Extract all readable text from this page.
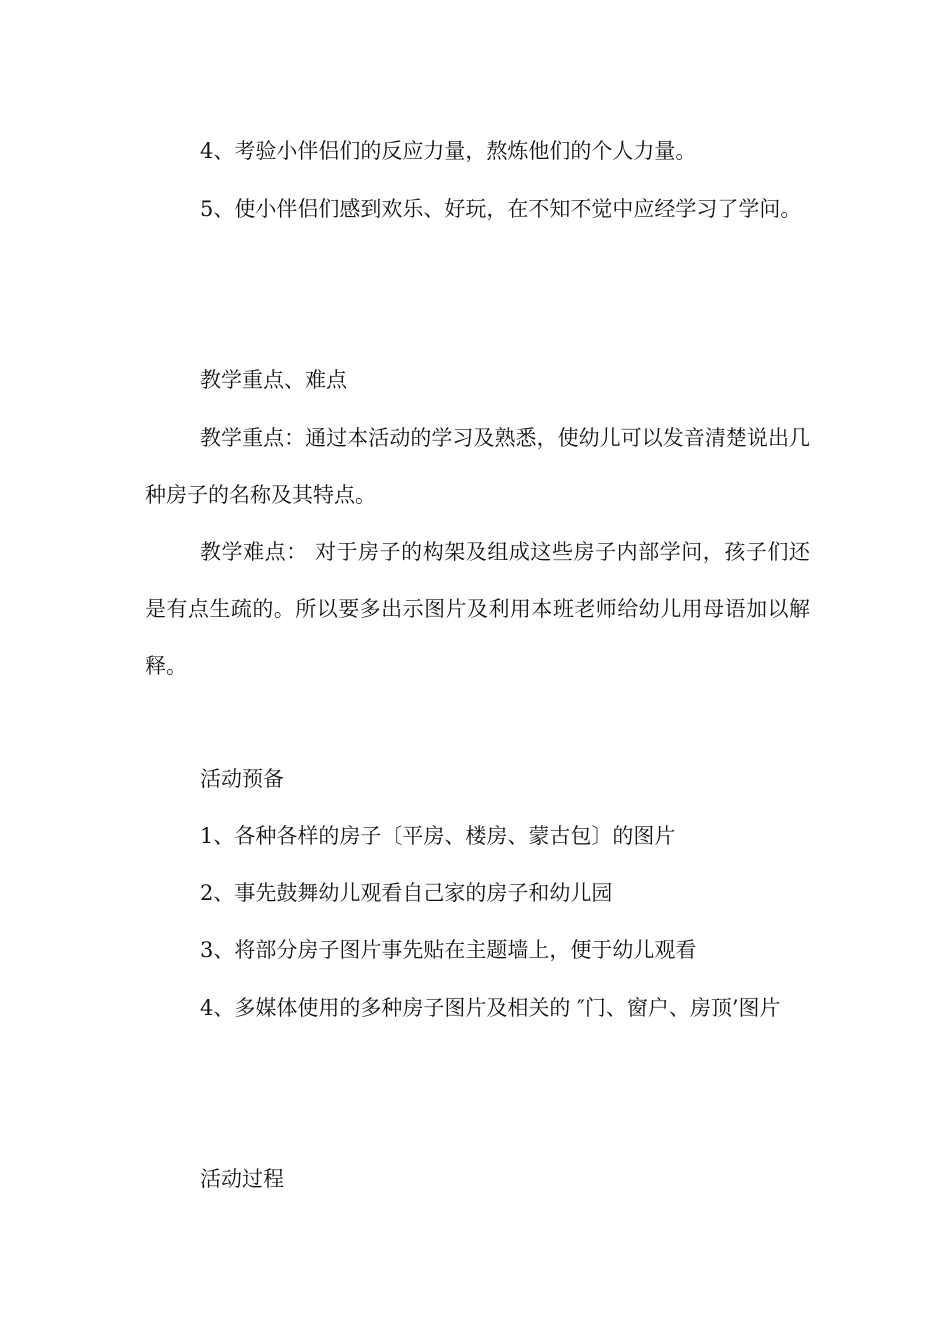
4、考验小伴侣们的反应力量，熬炼他们的个人力量。

5、使小伴侣们感到欢乐、好玩，在不知不觉中应经学习了学问。

教学重点、难点

教学重点：通过本活动的学习及熟悉，使幼儿可以发音清楚说出几种房子的名称及其特点。

教学难点： 对于房子的构架及组成这些房子内部学问，孩子们还是有点生疏的。所以要多出示图片及利用本班老师给幼儿用母语加以解释。

活动预备

1、各种各样的房子〔平房、楼房、蒙古包〕的图片

2、事先鼓舞幼儿观看自己家的房子和幼儿园

3、将部分房子图片事先贴在主题墙上，便于幼儿观看

4、多媒体使用的多种房子图片及相关的 ″门、窗户、房顶’图片

活动过程
